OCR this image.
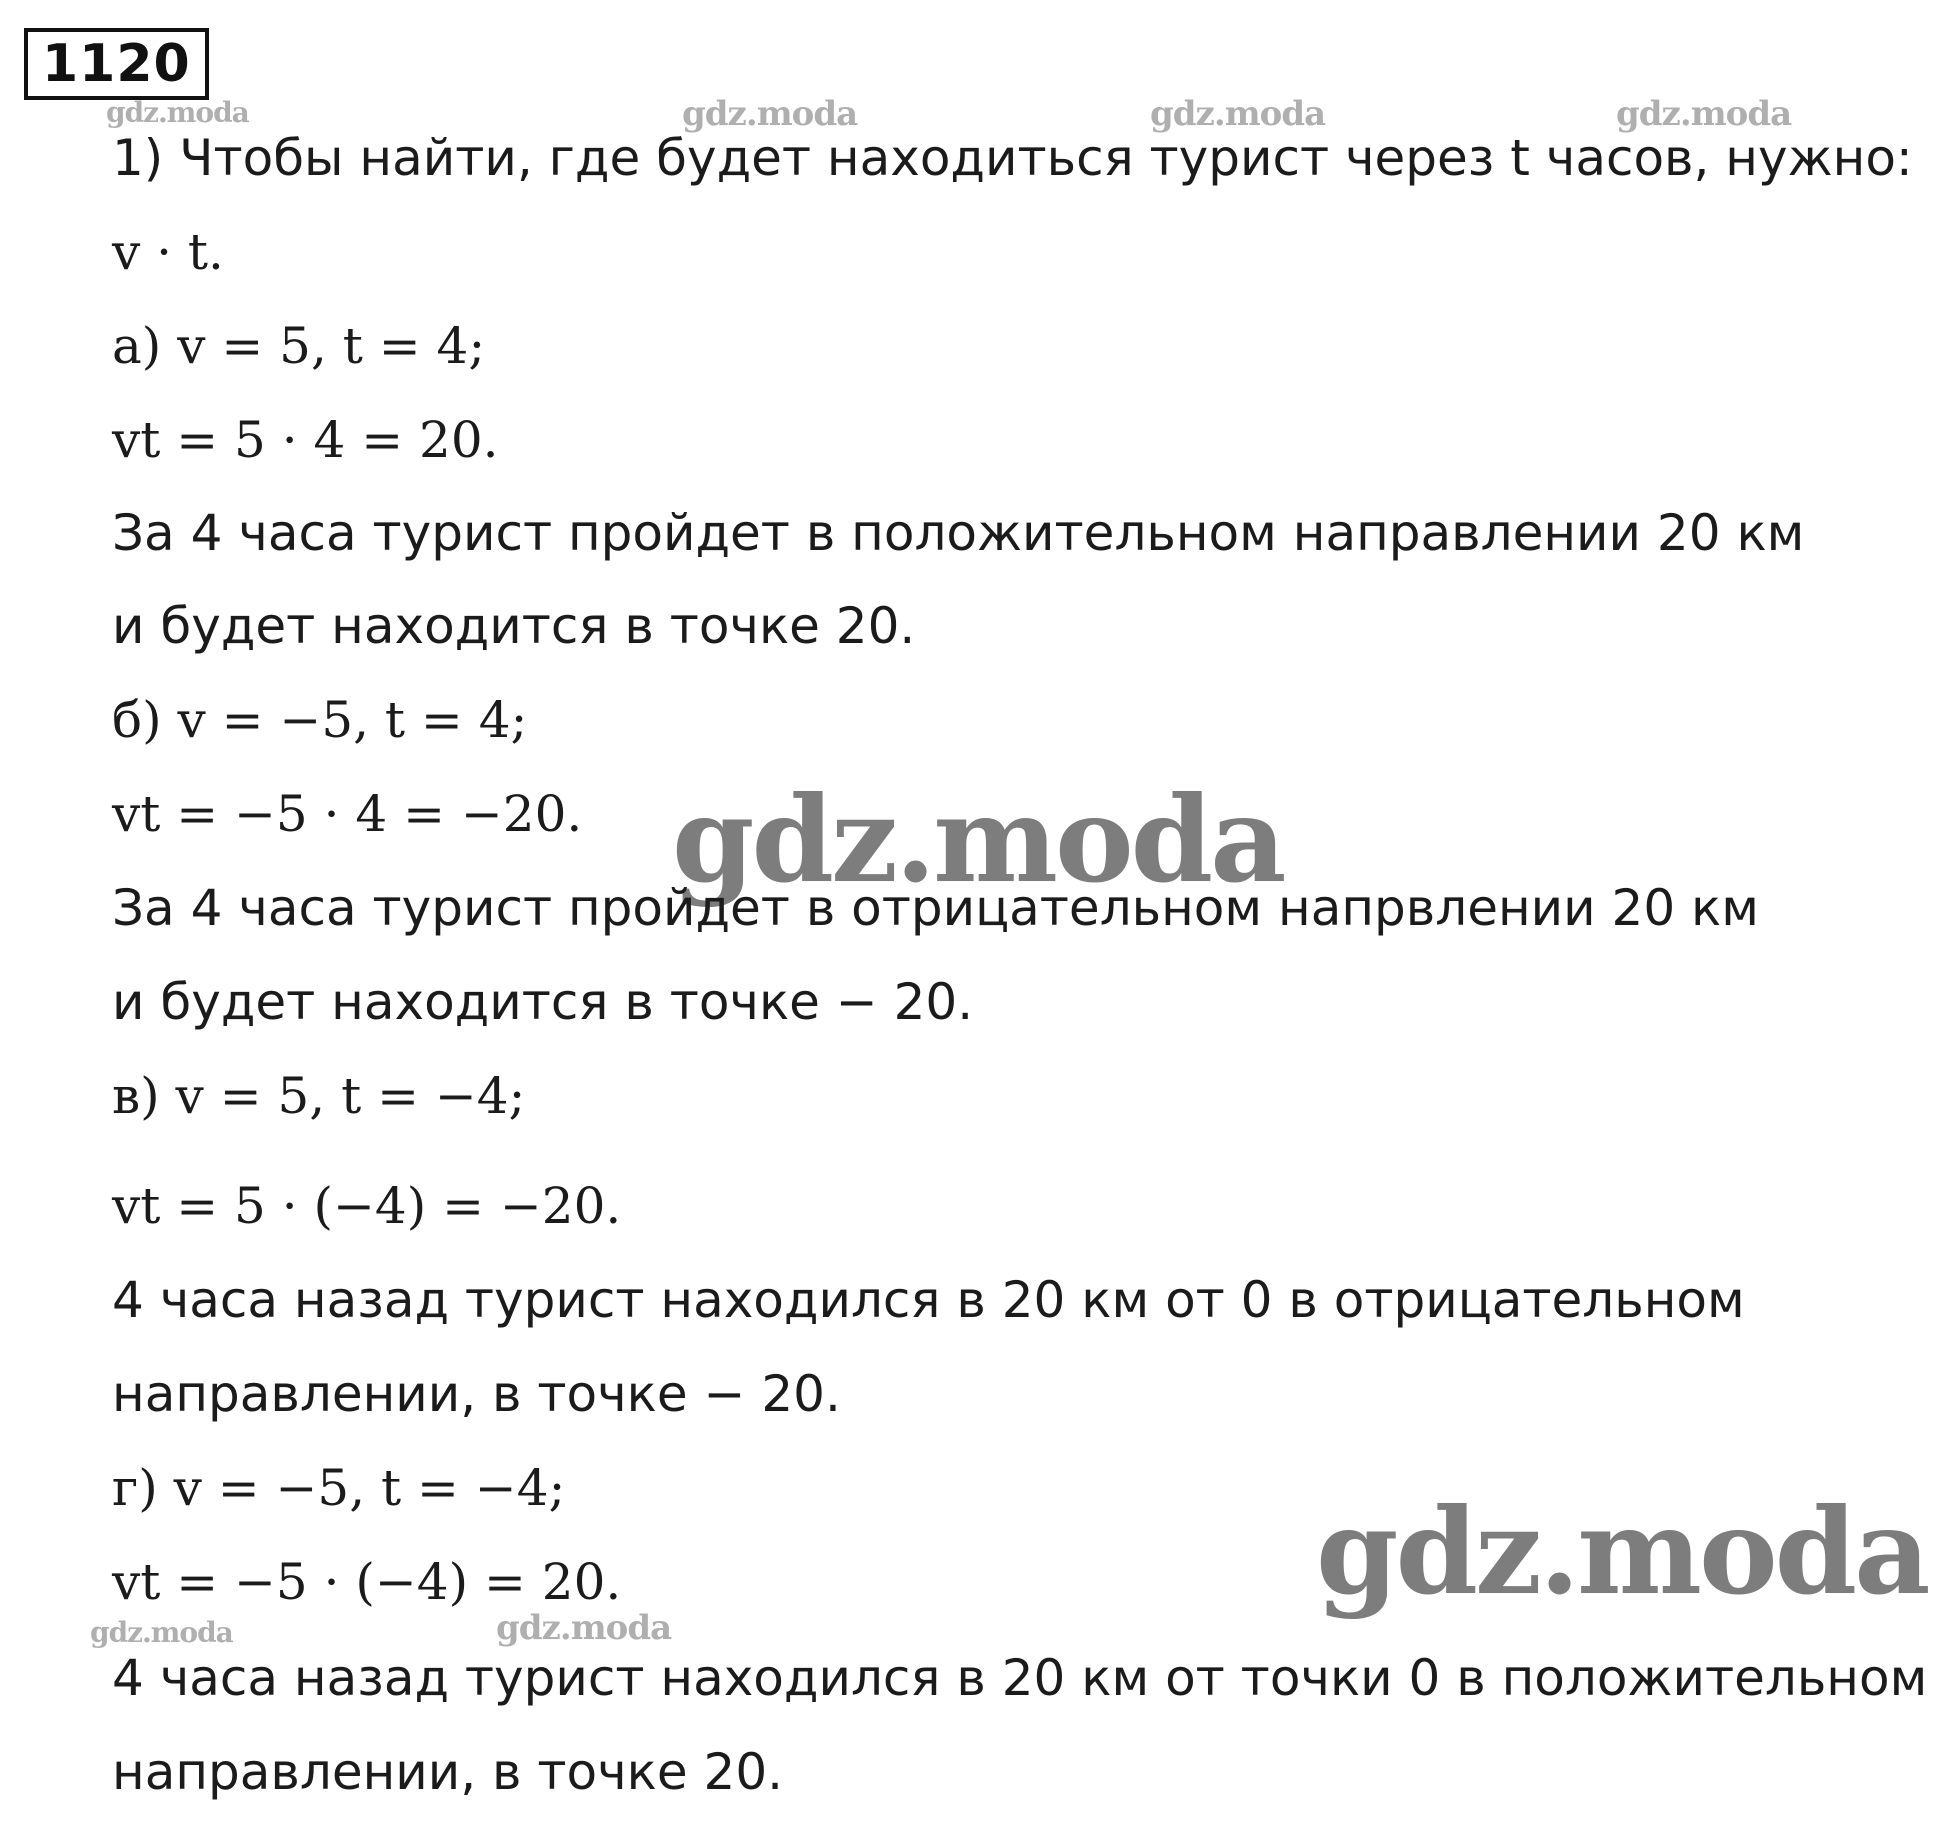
1120
gdz.moda	gdz.moda	gdz.moda	gdz.moda
gdz.moda
gdz.moda
gdz.moda	gdz.moda
1) Чтобы найти, где будет находиться турист через t часов, нужно:
v · t.
а) v = 5, t = 4;
vt = 5 · 4 = 20.
За 4 часа турист пройдет в положительном направлении 20 км
и будет находится в точке 20.
б) v = −5, t = 4;
vt = −5 · 4 = −20.
За 4 часа турист пройдет в отрицательном напрвлении 20 км
и будет находится в точке − 20.
в) v = 5, t = −4;
vt = 5 · (−4) = −20.
4 часа назад турист находился в 20 км от 0 в отрицательном
направлении, в точке − 20.
г) v = −5, t = −4;
vt = −5 · (−4) = 20.
4 часа назад турист находился в 20 км от точки 0 в положительном
направлении, в точке 20.
